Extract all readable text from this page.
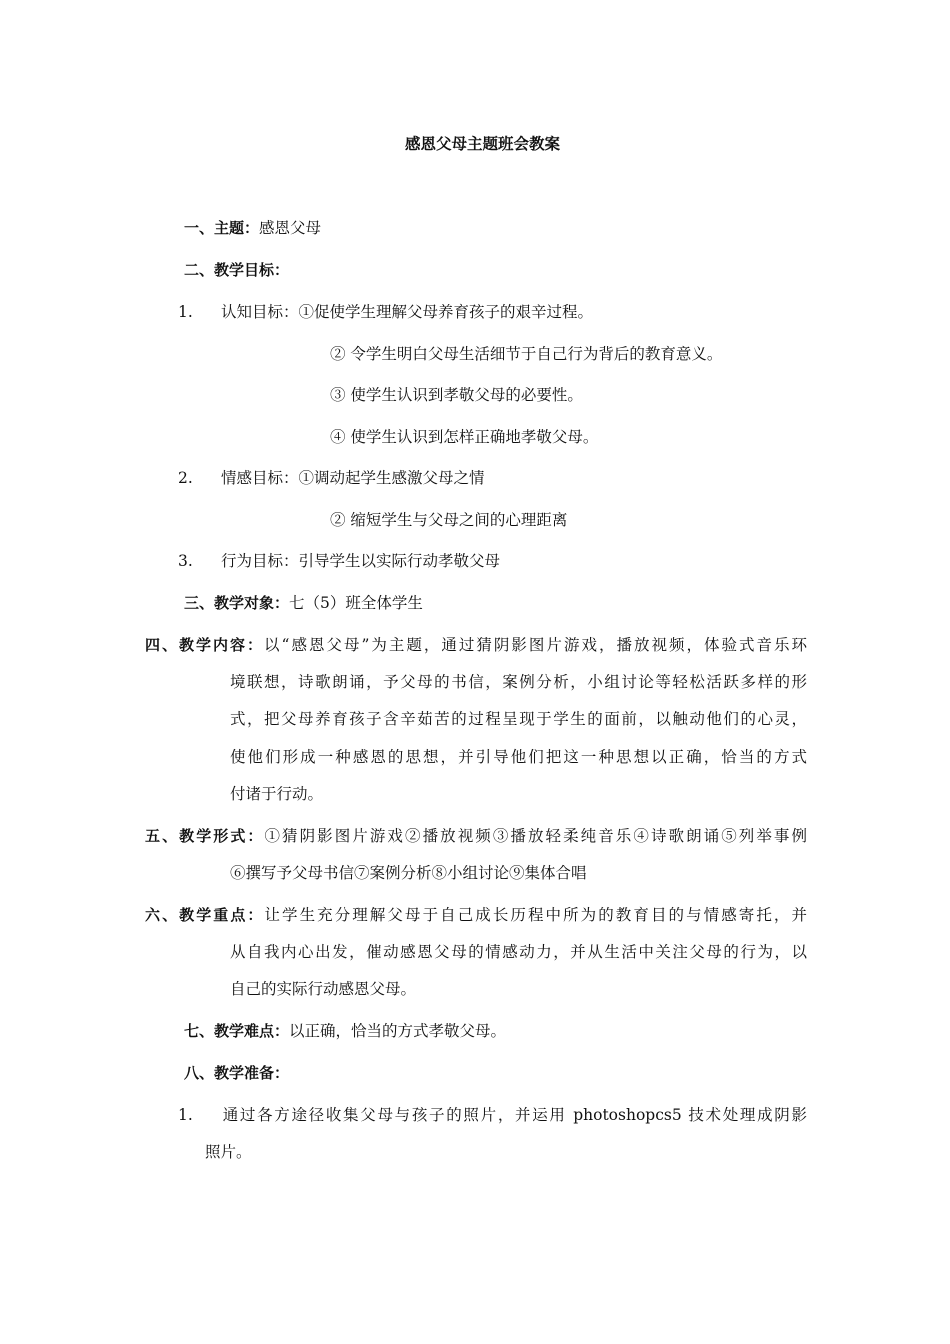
感恩父母主题班会教案
一、主题：感恩父母
二、教学目标：
1. 认知目标：①促使学生理解父母养育孩子的艰辛过程。
② 令学生明白父母生活细节于自己行为背后的教育意义。
③ 使学生认识到孝敬父母的必要性。
④ 使学生认识到怎样正确地孝敬父母。
2. 情感目标：①调动起学生感激父母之情
② 缩短学生与父母之间的心理距离
3. 行为目标：引导学生以实际行动孝敬父母
三、教学对象：七（5）班全体学生
四、教学内容：以“感恩父母”为主题，通过猜阴影图片游戏，播放视频，体验式音乐环
境联想，诗歌朗诵，予父母的书信，案例分析，小组讨论等轻松活跃多样的形
式，把父母养育孩子含辛茹苦的过程呈现于学生的面前，以触动他们的心灵，
使他们形成一种感恩的思想，并引导他们把这一种思想以正确，恰当的方式
付诸于行动。
五、教学形式：①猜阴影图片游戏②播放视频③播放轻柔纯音乐④诗歌朗诵⑤列举事例
⑥撰写予父母书信⑦案例分析⑧小组讨论⑨集体合唱
六、教学重点：让学生充分理解父母于自己成长历程中所为的教育目的与情感寄托，并
从自我内心出发，催动感恩父母的情感动力，并从生活中关注父母的行为，以
自己的实际行动感恩父母。
七、教学难点：以正确，恰当的方式孝敬父母。
八、教学准备：
1. 通过各方途径收集父母与孩子的照片，并运用 photoshopcs5 技术处理成阴影
照片。
